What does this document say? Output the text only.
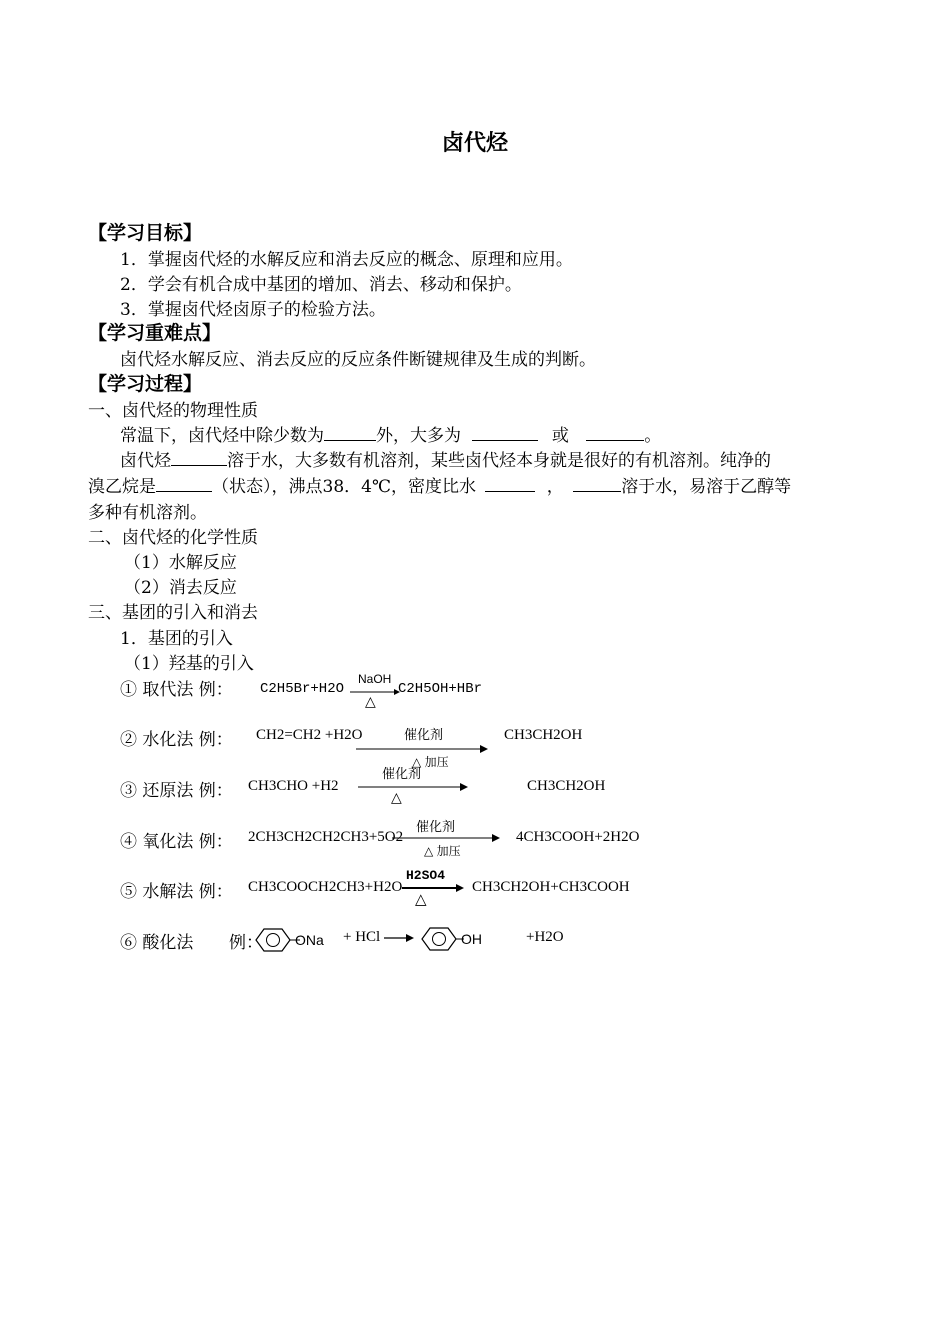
卤代烃
【学习目标】
1．掌握卤代烃的水解反应和消去反应的概念、原理和应用。
2．学会有机合成中基团的增加、消去、移动和保护。
3．掌握卤代烃卤原子的检验方法。
【学习重难点】
卤代烃水解反应、消去反应的反应条件断键规律及生成的判断。
【学习过程】
一、卤代烃的物理性质
常温下，卤代烃中除少数为	外，大多为	或	。
卤代烃	溶于水，大多数有机溶剂，某些卤代烃本身就是很好的有机溶剂。纯净的
溴乙烷是	（状态），沸点38．4℃，密度比水	，	溶于水，易溶于乙醇等
多种有机溶剂。
二、卤代烃的化学性质
（1）水解反应
（2）消去反应
三、基团的引入和消去
1．基团的引入
（1）羟基的引入
① 取代法 例： C2H5Br+H2O
NaOH
△
C2H5OH+HBr
② 水化法 例： CH2=CH2 +H2O	催化剂
△ 加压
CH3CH2OH
③ 还原法 例： CH3CHO +H2
催化剂
△
CH3CH2OH
④ 氧化法 例： 2CH3CH2CH2CH3+5O2
催化剂
△ 加压
4CH3COOH+2H2O
⑤ 水解法 例： CH3COOCH2CH3+H2O
H2SO4
△
CH3CH2OH+CH3COOH
⑥ 酸化法 例： ONa + HCl →	OH	+H2O
